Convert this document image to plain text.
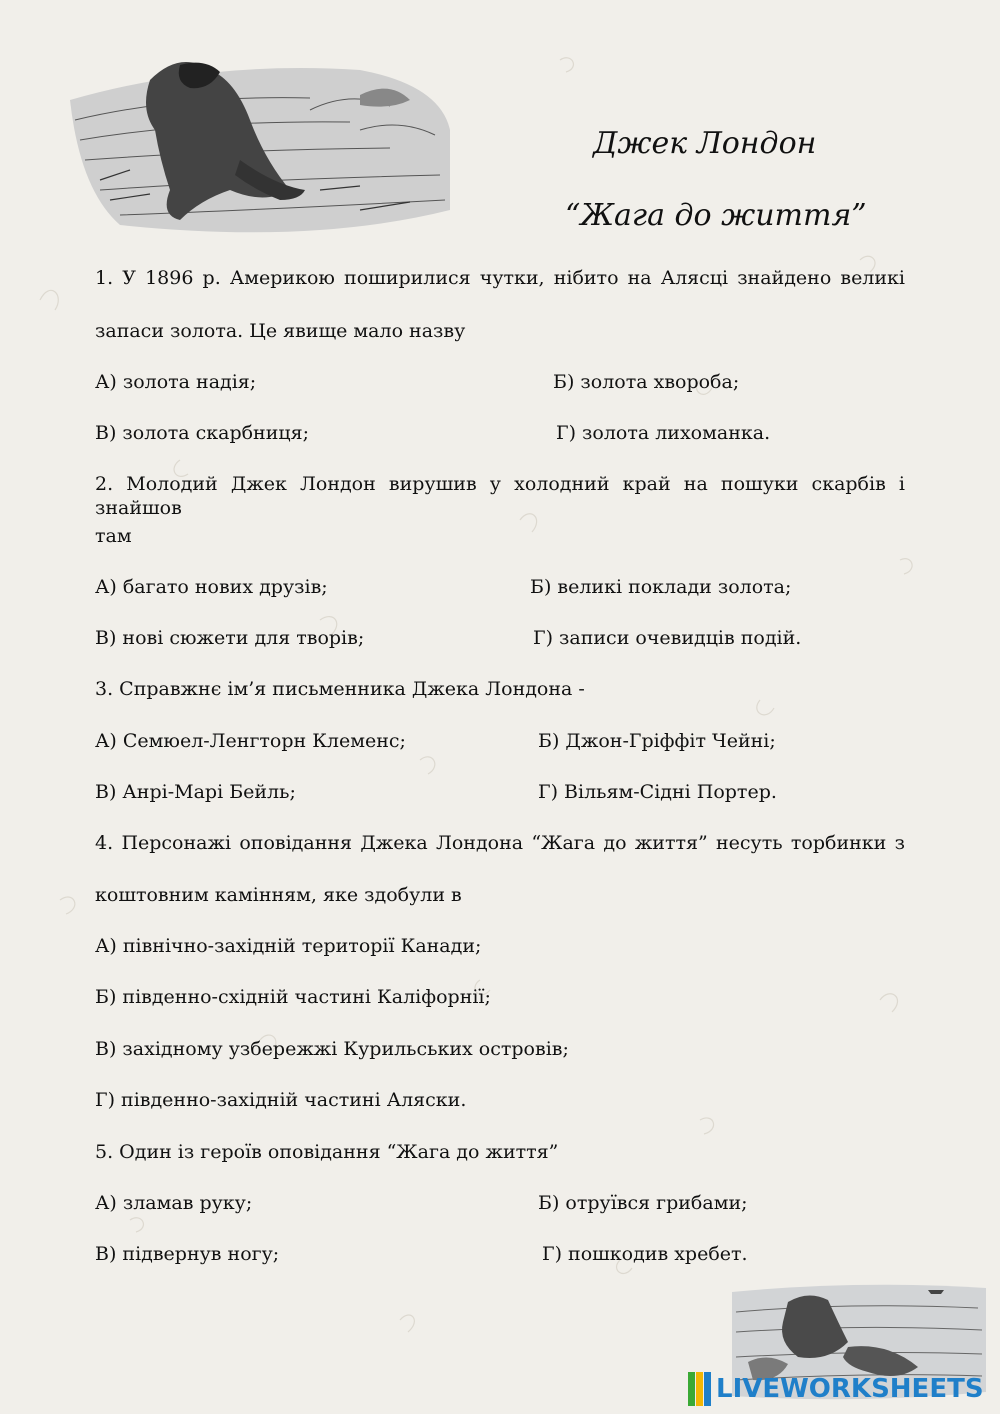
Джек Лондон
“Жага до життя”
1. У 1896 р. Америкою поширилися чутки, нібито на Алясці знайдено великі
запаси золота. Це явище мало назву
А) золота надія;	Б) золота хвороба;
В) золота скарбниця;	Г) золота лихоманка.
2. Молодий Джек Лондон вирушив у холодний край на пошуки скарбів і знайшов
там
А) багато нових друзів;	Б) великі поклади золота;
В) нові сюжети для творів;	Г) записи очевидців подій.
3. Справжнє ім’я письменника Джека Лондона -
А) Семюел-Ленгторн Клеменс;	Б) Джон-Гріффіт Чейні;
В) Анрі-Марі Бейль;	Г) Вільям-Сідні Портер.
4. Персонажі оповідання Джека Лондона “Жага до життя” несуть торбинки з
коштовним камінням, яке здобули в
А) північно-західній території Канади;
Б) південно-східній частині Каліфорнії;
В) західному узбережжі Курильських островів;
Г) південно-західній частині Аляски.
5. Один із героїв оповідання “Жага до життя”
А) зламав руку;	Б) отруївся грибами;
В) підвернув ногу;	Г) пошкодив хребет.
LIVEWORKSHEETS
